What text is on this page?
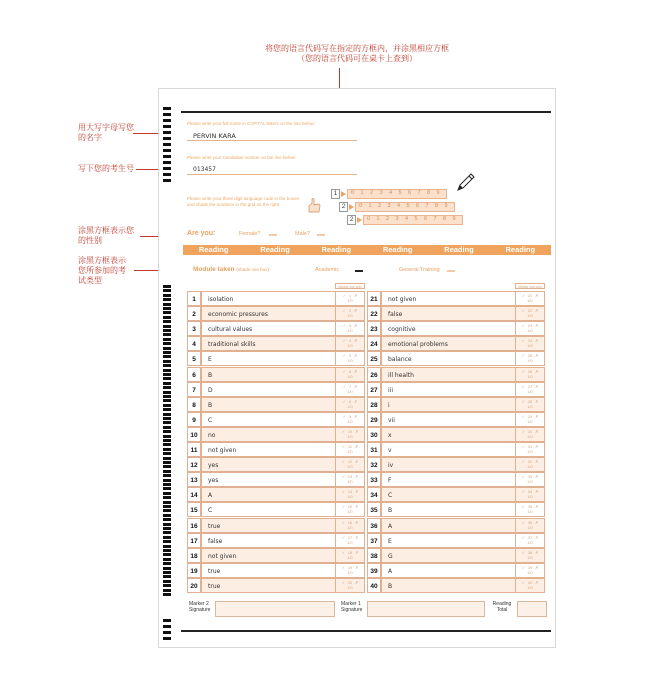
将您的语言代码写在指定的方框内，并涂黑相应方框
（您的语言代码可在桌卡上查到）
用大写字母写您
的名字
写下您的考生号
涂黑方框表示您
的性别
涂黑方框表示
您所参加的考
试类型
Please write your full name in CAPITAL letters on the line below:
PERVIN KARA
Please write your Candidate number on the line below:
013457
Please write your three digit language code in the boxes and shade the numbers in the grid on the right.
1	0 1 2 3 4 5 6 7 8 9
2	0 1 2 3 4 5 6 7 8 9
2	0 1 2 3 4 5 6 7 8 9
Are you:	Female?	Male?
Reading	Reading	Reading	Reading	Reading	Reading
Module taken (shade one box):	Academic	General Training
Marker use only	Marker use only
1	isolation	✓ 1 ✗
1/0
2	economic pressures	✓ 2 ✗
1/0
3	cultural values	✓ 3 ✗
1/0
4	traditional skills	✓ 4 ✗
1/0
5	E	✓ 5 ✗
1/0
6	B	✓ 6 ✗
1/0
7	D	✓ 7 ✗
1/0
8	B	✓ 8 ✗
1/0
9	C	✓ 9 ✗
1/0
10	no	✓ 10 ✗
1/0
11	not given	✓ 11 ✗
1/0
12	yes	✓ 12 ✗
1/0
13	yes	✓ 13 ✗
1/0
14	A	✓ 14 ✗
1/0
15	C	✓ 15 ✗
1/0
16	true	✓ 16 ✗
1/0
17	false	✓ 17 ✗
1/0
18	not given	✓ 18 ✗
1/0
19	true	✓ 19 ✗
1/0
20	true	✓ 20 ✗
1/0
21	not given	✓ 21 ✗
1/0
22	false	✓ 22 ✗
1/0
23	cognitive	✓ 23 ✗
1/0
24	emotional problems	✓ 24 ✗
1/0
25	balance	✓ 25 ✗
1/0
26	ill health	✓ 26 ✗
1/0
27	iii	✓ 27 ✗
1/0
28	i	✓ 28 ✗
1/0
29	vii	✓ 29 ✗
1/0
30	x	✓ 30 ✗
1/0
31	v	✓ 31 ✗
1/0
32	iv	✓ 32 ✗
1/0
33	F	✓ 33 ✗
1/0
34	C	✓ 34 ✗
1/0
35	B	✓ 35 ✗
1/0
36	A	✓ 36 ✗
1/0
37	E	✓ 37 ✗
1/0
38	G	✓ 38 ✗
1/0
39	A	✓ 39 ✗
1/0
40	B	✓ 40 ✗
1/0
Marker 2 Signature
Marker 1 Signature
Reading Total
